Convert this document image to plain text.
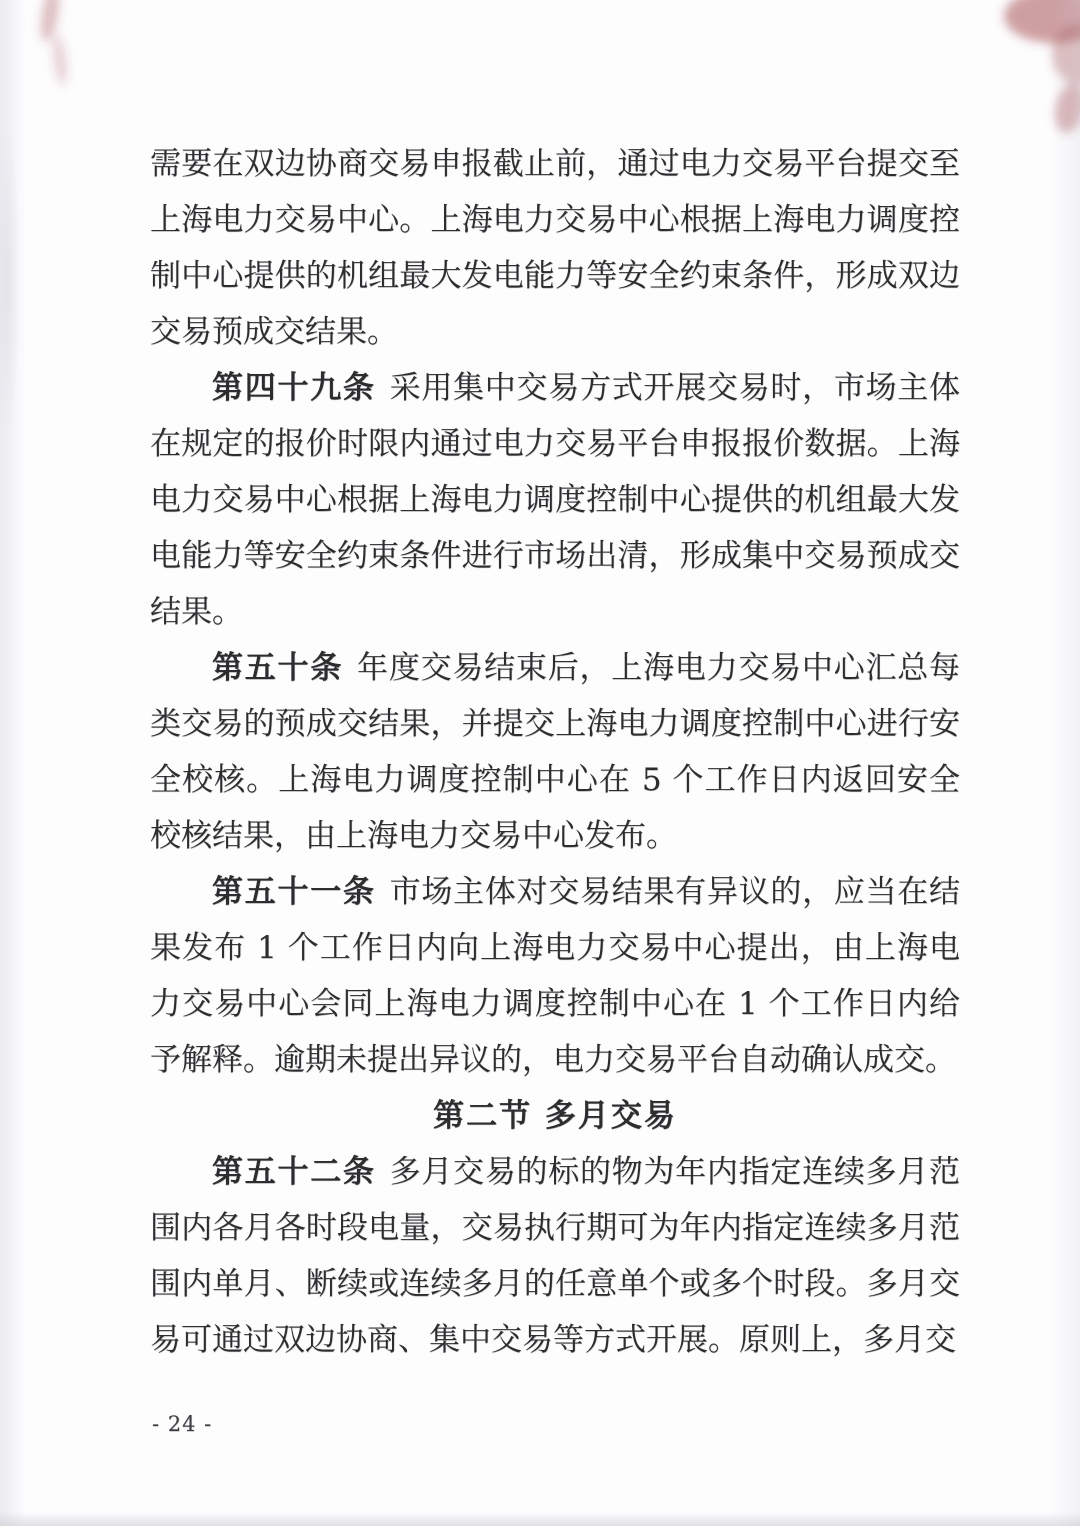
需要在双边协商交易申报截止前，通过电力交易平台提交至上海电力交易中心。上海电力交易中心根据上海电力调度控制中心提供的机组最大发电能力等安全约束条件，形成双边交易预成交结果。

第四十九条 采用集中交易方式开展交易时，市场主体在规定的报价时限内通过电力交易平台申报报价数据。上海电力交易中心根据上海电力调度控制中心提供的机组最大发电能力等安全约束条件进行市场出清，形成集中交易预成交结果。

第五十条 年度交易结束后，上海电力交易中心汇总每类交易的预成交结果，并提交上海电力调度控制中心进行安全校核。上海电力调度控制中心在 5 个工作日内返回安全校核结果，由上海电力交易中心发布。

第五十一条 市场主体对交易结果有异议的，应当在结果发布 1 个工作日内向上海电力交易中心提出，由上海电力交易中心会同上海电力调度控制中心在 1 个工作日内给予解释。逾期未提出异议的，电力交易平台自动确认成交。

第二节 多月交易

第五十二条 多月交易的标的物为年内指定连续多月范围内各月各时段电量，交易执行期可为年内指定连续多月范围内单月、断续或连续多月的任意单个或多个时段。多月交易可通过双边协商、集中交易等方式开展。原则上，多月交

- 24 -
